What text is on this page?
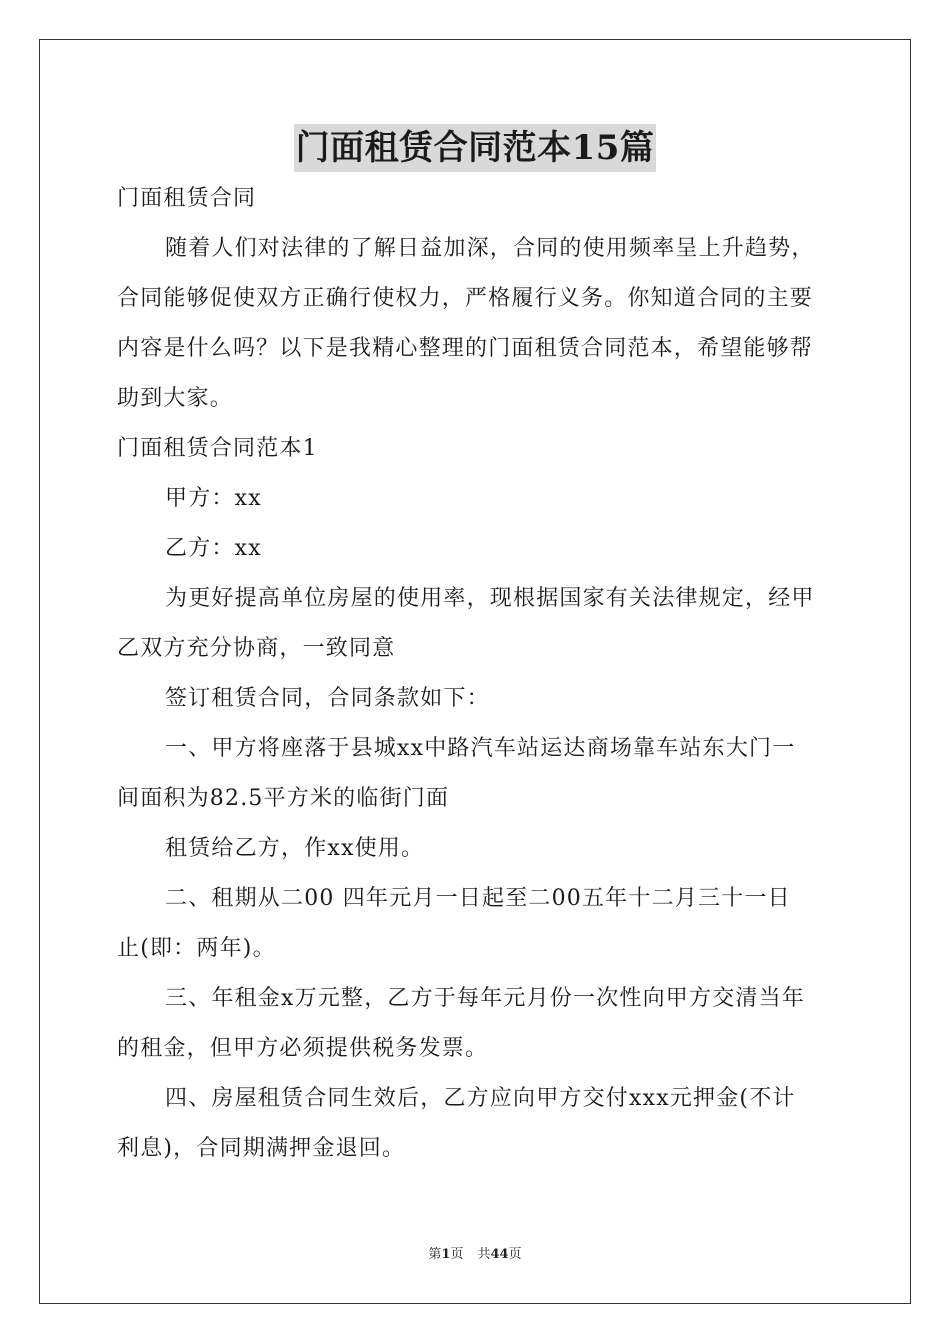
门面租赁合同范本15篇
门面租赁合同
随着人们对法律的了解日益加深，合同的使用频率呈上升趋势，
合同能够促使双方正确行使权力，严格履行义务。你知道合同的主要
内容是什么吗？以下是我精心整理的门面租赁合同范本，希望能够帮
助到大家。
门面租赁合同范本1
甲方：xx
乙方：xx
为更好提高单位房屋的使用率，现根据国家有关法律规定，经甲
乙双方充分协商，一致同意
签订租赁合同，合同条款如下：
一、甲方将座落于县城xx中路汽车站运达商场靠车站东大门一
间面积为82.5平方米的临街门面
租赁给乙方，作xx使用。
二、租期从二00 四年元月一日起至二00五年十二月三十一日
止(即：两年)。
三、年租金x万元整，乙方于每年元月份一次性向甲方交清当年
的租金，但甲方必须提供税务发票。
四、房屋租赁合同生效后，乙方应向甲方交付xxx元押金(不计
利息)，合同期满押金退回。
第1页 共44页
